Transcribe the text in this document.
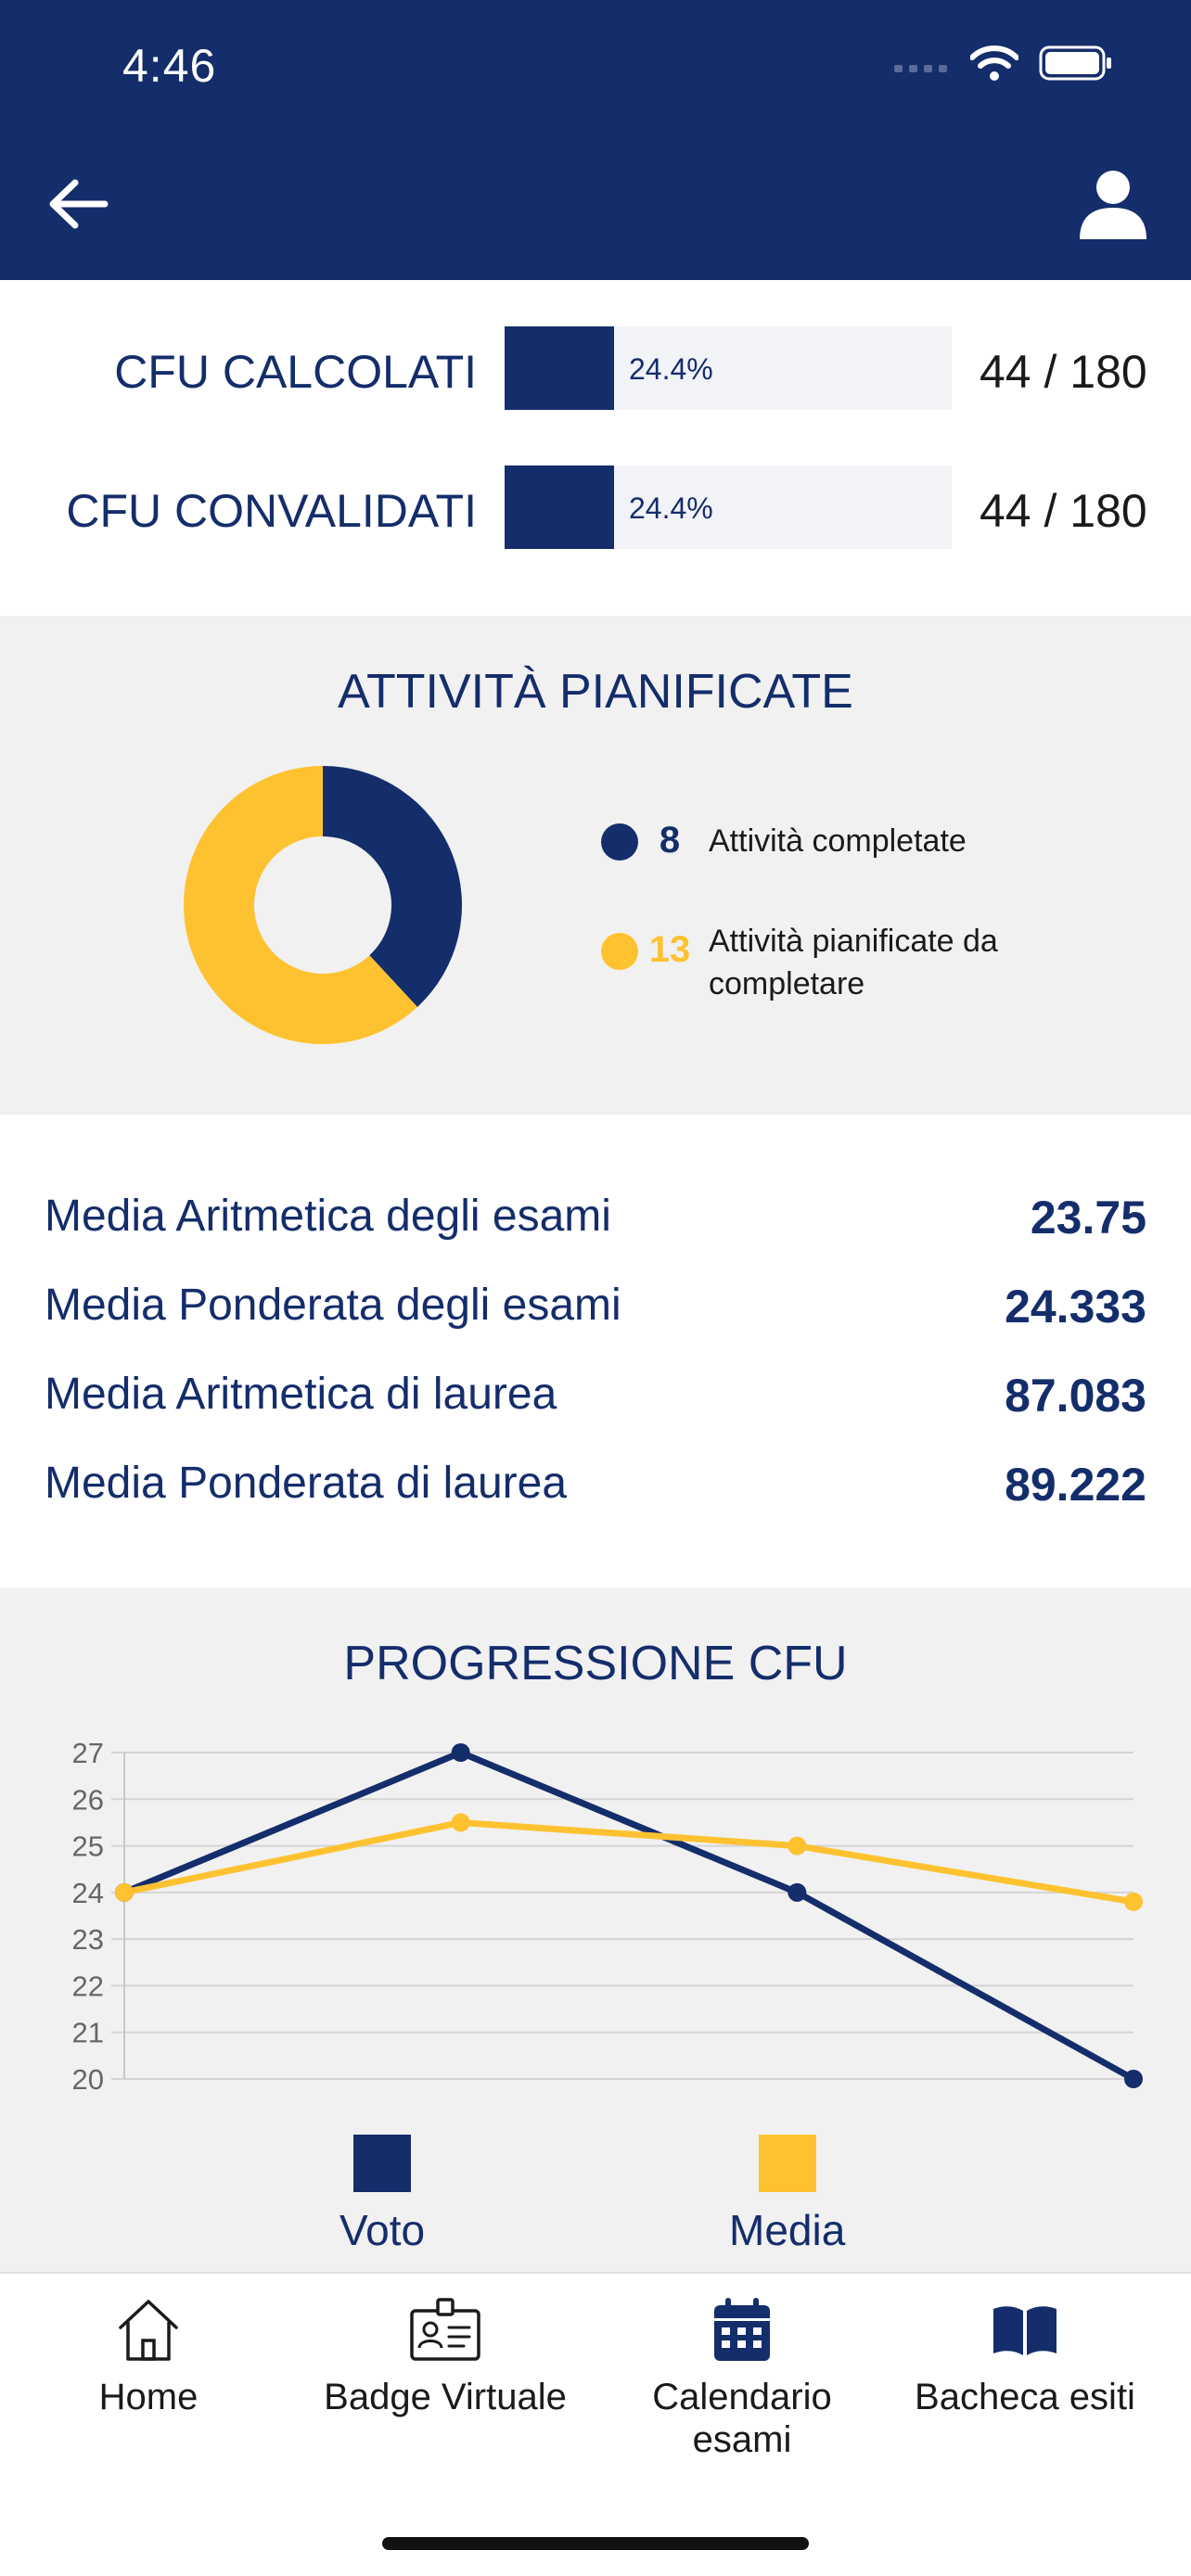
4:46
CFU CALCOLATI	24.4%	44 / 180
CFU CONVALIDATI	24.4%	44 / 180
ATTIVITÀ PIANIFICATE
8 Attività completate
13 Attività pianificate da
completare
Media Aritmetica degli esami	23.75
Media Ponderata degli esami	24.333
Media Aritmetica di laurea	87.083
Media Ponderata di laurea	89.222
PROGRESSIONE CFU
20
21
22
23
24
25
26
27
Voto	Media
Home	Badge Virtuale Calendario
esami
Bacheca esiti
